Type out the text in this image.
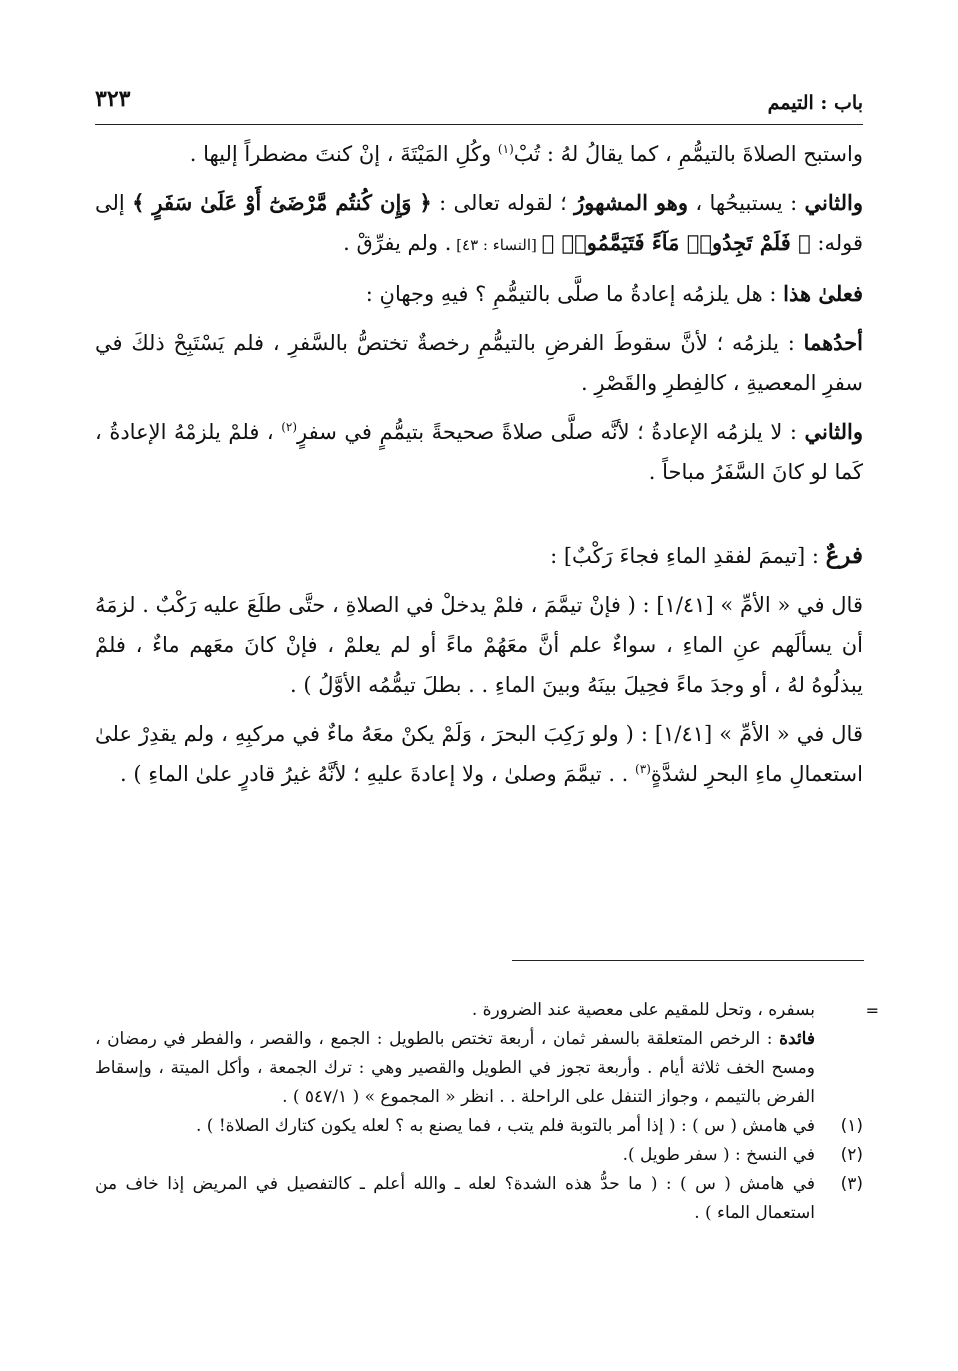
باب : التيمم
٣٢٣

واستبح الصلاةَ بالتيمُّمِ ، كما يقالُ لهُ : تُبْ$^{(١)}$ وكُلِ المَيْتَةَ ، إنْ كنتَ مضطراً إليها .

والثاني : يستبيحُها ، وهو المشهورُ ؛ لقوله تعالى : ﴿ وَإِن كُنتُم مَّرْضَىٰٓ أَوْ عَلَىٰ سَفَرٍ ﴾ إلى قوله: ﴿ فَلَمْ تَجِدُوا۟ مَآءً فَتَيَمَّمُوا۟ ﴾ [النساء : ٤٣] . ولم يفرِّقْ .

فعلىٰ هذا : هل يلزمُه إعادةُ ما صلَّى بالتيمُّمِ ؟ فيهِ وجهانِ :

أحدُهما : يلزمُه ؛ لأنَّ سقوطَ الفرضِ بالتيمُّمِ رخصةٌ تختصُّ بالسَّفرِ ، فلم يَسْتَبِحْ ذلكَ في سفرِ المعصيةِ ، كالفِطرِ والقَصْرِ .

والثاني : لا يلزمُه الإعادةُ ؛ لأنَّه صلَّى صلاةً صحيحةً بتيمُّمٍ في سفرٍ$^{(٢)}$ ، فلمْ يلزمْهُ الإعادةُ ، كَما لو كانَ السَّفَرُ مباحاً .

فرعٌ : [تيممَ لفقدِ الماءِ فجاءَ رَكْبٌ] :

قال في « الأمِّ » [١/٤١] : ( فإنْ تيمَّمَ ، فلمْ يدخلْ في الصلاةِ ، حتَّى طلَعَ عليه رَكْبٌ . لزمَهُ أن يسألَهم عنِ الماءِ ، سواءٌ علم أنَّ معَهُمْ ماءً أو لم يعلمْ ، فإنْ كانَ معَهم ماءٌ ، فلمْ يبذلُوهُ لهُ ، أو وجدَ ماءً فحِيلَ بينَهُ وبينَ الماءِ . . بطلَ تيمُّمُه الأوَّلُ ) .

قال في « الأمِّ » [١/٤١] : ( ولو رَكِبَ البحرَ ، وَلَمْ يكنْ معَهُ ماءٌ في مركبِهِ ، ولم يقدِرْ علىٰ استعمالِ ماءِ البحرِ لشدَّةٍ$^{(٣)}$ . . تيمَّمَ وصلىٰ ، ولا إعادةَ عليهِ ؛ لأنَّهُ غيرُ قادرٍ علىٰ الماءِ ) .

=
بسفره ، وتحل للمقيم على معصية عند الضرورة .
فائدة : الرخص المتعلقة بالسفر ثمان ، أربعة تختص بالطويل : الجمع ، والقصر ، والفطر في رمضان ، ومسح الخف ثلاثة أيام . وأربعة تجوز في الطويل والقصير وهي : ترك الجمعة ، وأكل الميتة ، وإسقاط الفرض بالتيمم ، وجواز التنفل على الراحلة . . انظر « المجموع » ( ٥٤٧/١ ) .
(١)
في هامش ( س ) : ( إذا أمر بالتوبة فلم يتب ، فما يصنع به ؟ لعله يكون كتارك الصلاة! ) .
(٢)
في النسخ : ( سفر طويل ).
(٣)
في هامش ( س ) : ( ما حدُّ هذه الشدة؟ لعله ـ والله أعلم ـ كالتفصيل في المريض إذا خاف من استعمال الماء ) .
